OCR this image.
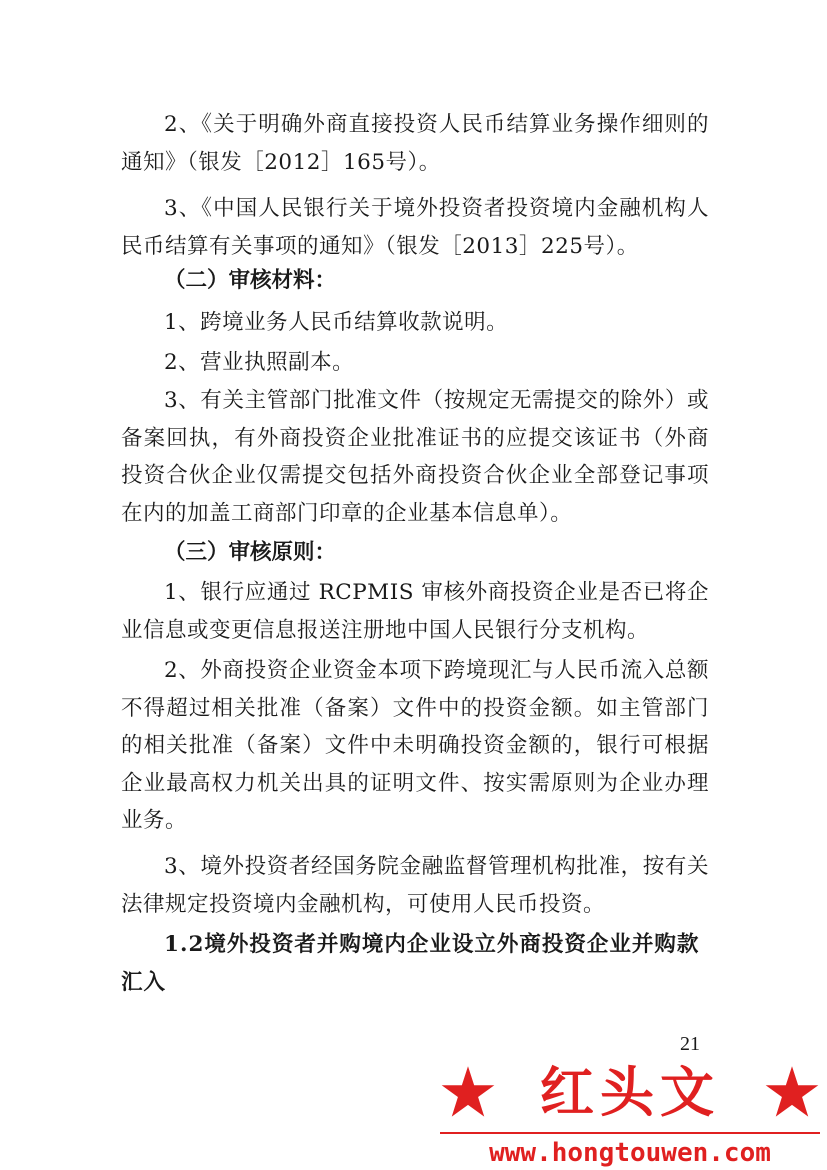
2、《关于明确外商直接投资人民币结算业务操作细则的通知》（银发［2012］165号）。

3、《中国人民银行关于境外投资者投资境内金融机构人民币结算有关事项的通知》（银发［2013］225号）。

（二）审核材料：

1、跨境业务人民币结算收款说明。

2、营业执照副本。

3、有关主管部门批准文件（按规定无需提交的除外）或备案回执，有外商投资企业批准证书的应提交该证书（外商投资合伙企业仅需提交包括外商投资合伙企业全部登记事项在内的加盖工商部门印章的企业基本信息单）。

（三）审核原则：

1、银行应通过 RCPMIS 审核外商投资企业是否已将企业信息或变更信息报送注册地中国人民银行分支机构。

2、外商投资企业资金本项下跨境现汇与人民币流入总额不得超过相关批准（备案）文件中的投资金额。如主管部门的相关批准（备案）文件中未明确投资金额的，银行可根据企业最高权力机关出具的证明文件、按实需原则为企业办理业务。

3、境外投资者经国务院金融监督管理机构批准，按有关法律规定投资境内金融机构，可使用人民币投资。

1.2境外投资者并购境内企业设立外商投资企业并购款汇入

21
红头文
www.hongtouwen.com
